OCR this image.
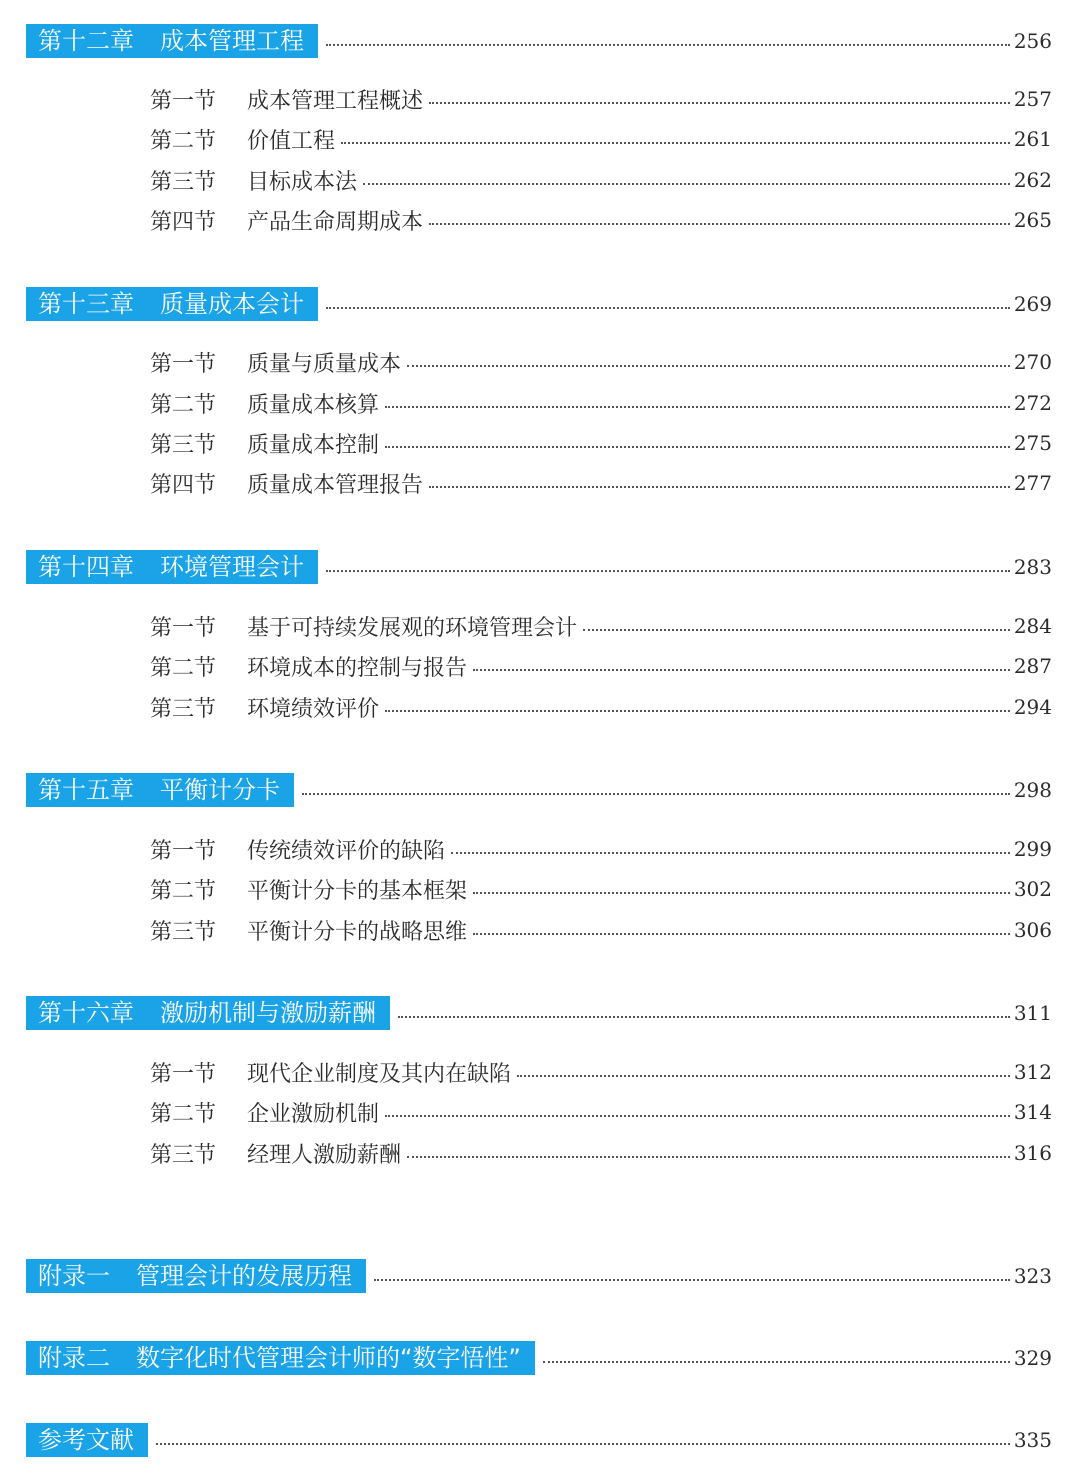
第十二章 成本管理工程	256
第一节	成本管理工程概述	257
第二节	价值工程	261
第三节	目标成本法	262
第四节	产品生命周期成本	265
第十三章 质量成本会计	269
第一节	质量与质量成本	270
第二节	质量成本核算	272
第三节	质量成本控制	275
第四节	质量成本管理报告	277
第十四章 环境管理会计	283
第一节	基于可持续发展观的环境管理会计	284
第二节	环境成本的控制与报告	287
第三节	环境绩效评价	294
第十五章 平衡计分卡	298
第一节	传统绩效评价的缺陷	299
第二节	平衡计分卡的基本框架	302
第三节	平衡计分卡的战略思维	306
第十六章 激励机制与激励薪酬	311
第一节	现代企业制度及其内在缺陷	312
第二节	企业激励机制	314
第三节	经理人激励薪酬	316
附录一 管理会计的发展历程	323
附录二 数字化时代管理会计师的“数字悟性”	329
参考文献	335
